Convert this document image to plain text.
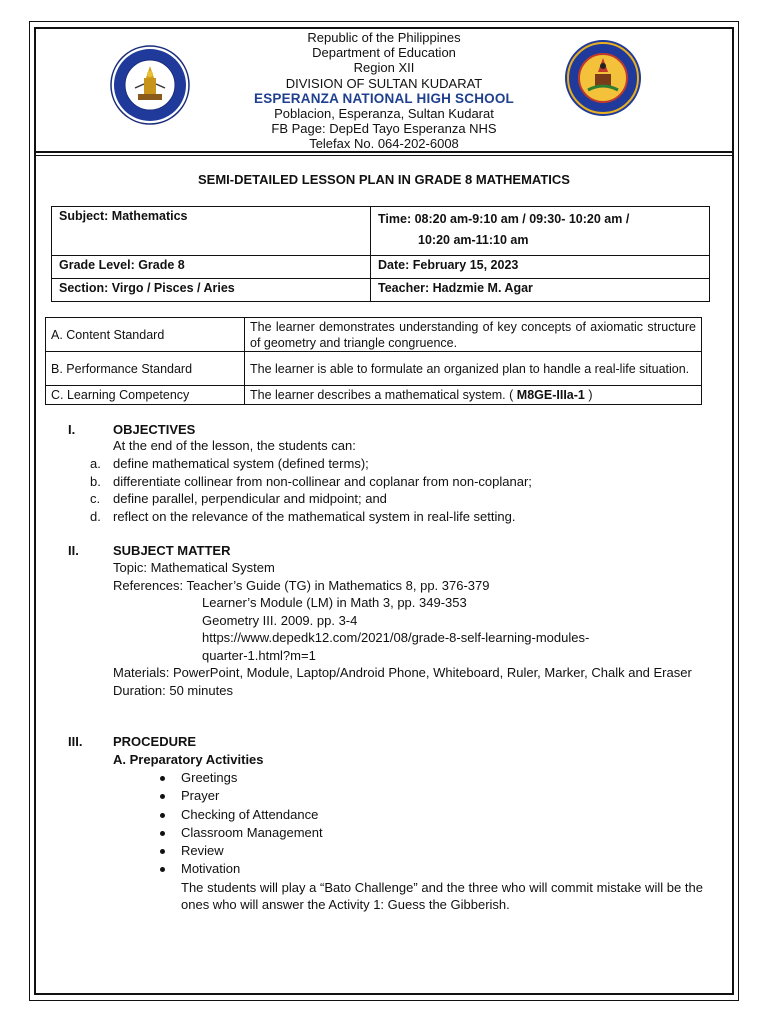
Republic of the Philippines
Department of Education
Region XII
DIVISION OF SULTAN KUDARAT
ESPERANZA NATIONAL HIGH SCHOOL
Poblacion, Esperanza, Sultan Kudarat
FB Page: DepEd Tayo Esperanza NHS
Telefax No. 064-202-6008
SEMI-DETAILED LESSON PLAN IN GRADE 8 MATHEMATICS
Subject: Mathematics	Time: 08:20 am-9:10 am / 09:30- 10:20 am /
10:20 am-11:10 am

Grade Level: Grade 8	Date: February 15, 2023
Section: Virgo / Pisces / Aries	Teacher: Hadzmie M. Agar
A. Content Standard	The learner demonstrates understanding of key concepts of axiomatic structure of geometry and triangle congruence.
B. Performance Standard	The learner is able to formulate an organized plan to handle a real-life situation.
C. Learning Competency	The learner describes a mathematical system. ( M8GE-IIIa-1 )
I.	OBJECTIVES
At the end of the lesson, the students can:
a. define mathematical system (defined terms);
b. differentiate collinear from non-collinear and coplanar from non-coplanar;
c. define parallel, perpendicular and midpoint; and
d. reflect on the relevance of the mathematical system in real-life setting.
II.	SUBJECT MATTER
Topic: Mathematical System
References: Teacher’s Guide (TG) in Mathematics 8, pp. 376-379
Learner’s Module (LM) in Math 3, pp. 349-353
Geometry III. 2009. pp. 3-4
https://www.depedk12.com/2021/08/grade-8-self-learning-modules-
quarter-1.html?m=1
Materials: PowerPoint, Module, Laptop/Android Phone, Whiteboard, Ruler, Marker, Chalk and Eraser
Duration: 50 minutes
III. PROCEDURE
A. Preparatory Activities
Greetings
Prayer
Checking of Attendance
Classroom Management
Review
Motivation
The students will play a “Bato Challenge” and the three who will commit mistake will be the ones who will answer the Activity 1: Guess the Gibberish.
